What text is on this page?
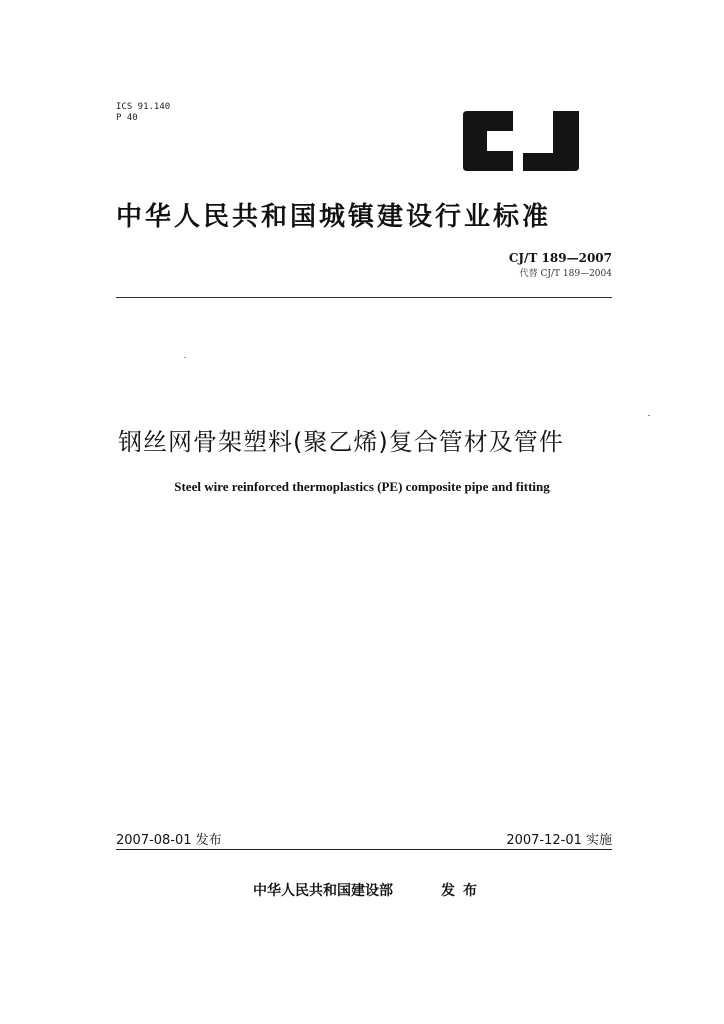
ICS 91.140
P 40
中华人民共和国城镇建设行业标准
CJ/T 189—2007
代替 CJ/T 189—2004
钢丝网骨架塑料(聚乙烯)复合管材及管件
Steel wire reinforced thermoplastics (PE) composite pipe and fitting
2007-08-01 发布	2007-12-01 实施
中华人民共和国建设部	发布
